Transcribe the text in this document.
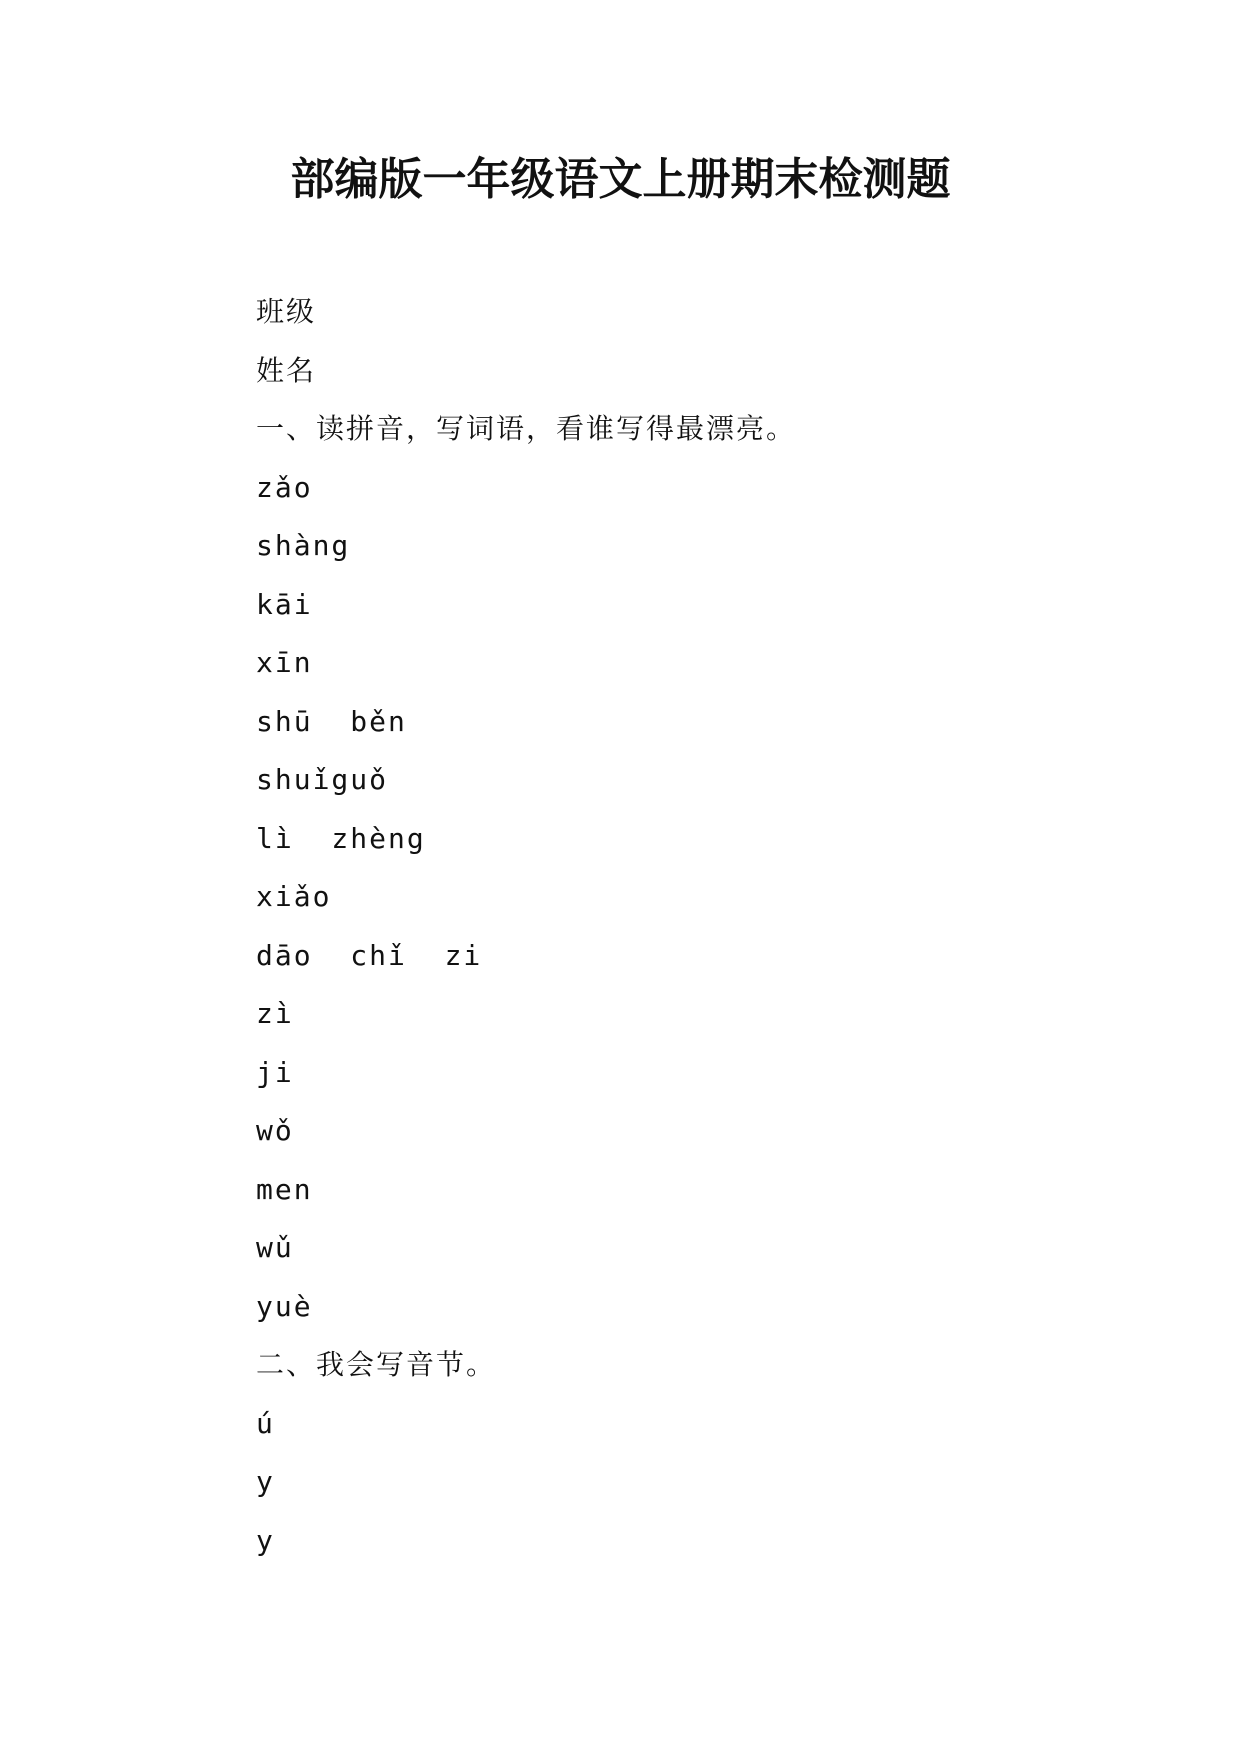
部编版一年级语文上册期末检测题
班级
姓名
一、读拼音，写词语，看谁写得最漂亮。
zǎo
shàng
kāi
xīn
shū  běn
shuǐguǒ
lì  zhèng
xiǎo
dāo  chǐ  zi
zì
ji
wǒ
men
wǔ
yuè
二、我会写音节。
ú
y
y
